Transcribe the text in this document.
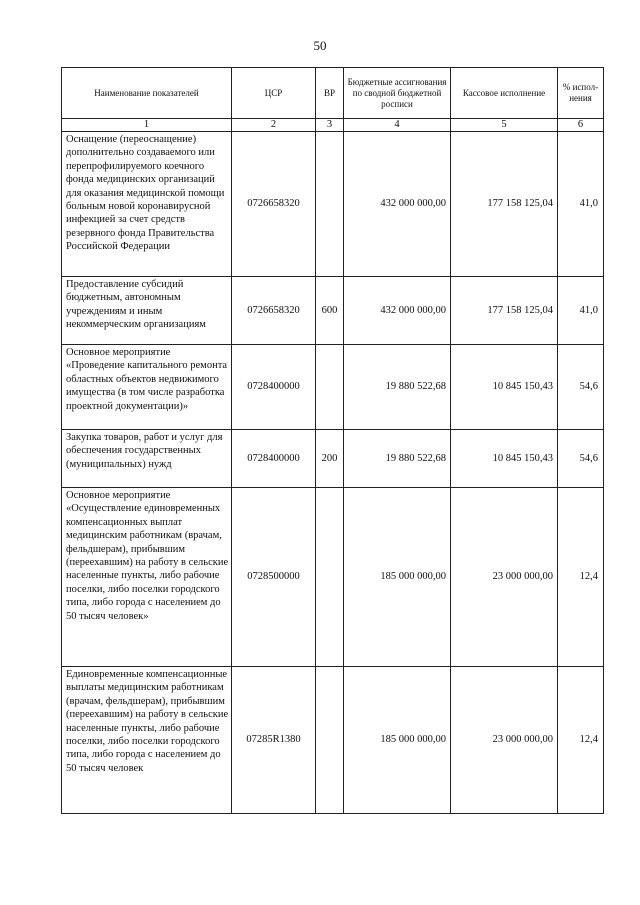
50
Наименование показателей	ЦСР	ВР	Бюджетные ассигнования по сводной бюджетной росписи	Кассовое исполнение	% испол-нения
1	2	3	4	5	6
Оснащение (переоснащение) дополнительно создаваемого или перепрофилируемого коечного фонда медицинских организаций для оказания медицинской помощи больным новой коронавирусной инфекцией за счет средств резервного фонда Правительства Российской Федерации	0726658320		432 000 000,00	177 158 125,04	41,0
Предоставление субсидий бюджетным, автономным учреждениям и иным некоммерческим организациям	0726658320	600	432 000 000,00	177 158 125,04	41,0
Основное мероприятие «Проведение капитального ремонта областных объектов недвижимого имущества (в том числе разработка проектной документации)»	0728400000		19 880 522,68	10 845 150,43	54,6
Закупка товаров, работ и услуг для обеспечения государственных (муниципальных) нужд	0728400000	200	19 880 522,68	10 845 150,43	54,6
Основное мероприятие «Осуществление единовременных компенсационных выплат медицинским работникам (врачам, фельдшерам), прибывшим (переехавшим) на работу в сельские населенные пункты, либо рабочие поселки, либо поселки городского типа, либо города с населением до 50 тысяч человек»	0728500000		185 000 000,00	23 000 000,00	12,4
Единовременные компенсационные выплаты медицинским работникам (врачам, фельдшерам), прибывшим (переехавшим) на работу в сельские населенные пункты, либо рабочие поселки, либо поселки городского типа, либо города с населением до 50 тысяч человек	07285R1380		185 000 000,00	23 000 000,00	12,4
